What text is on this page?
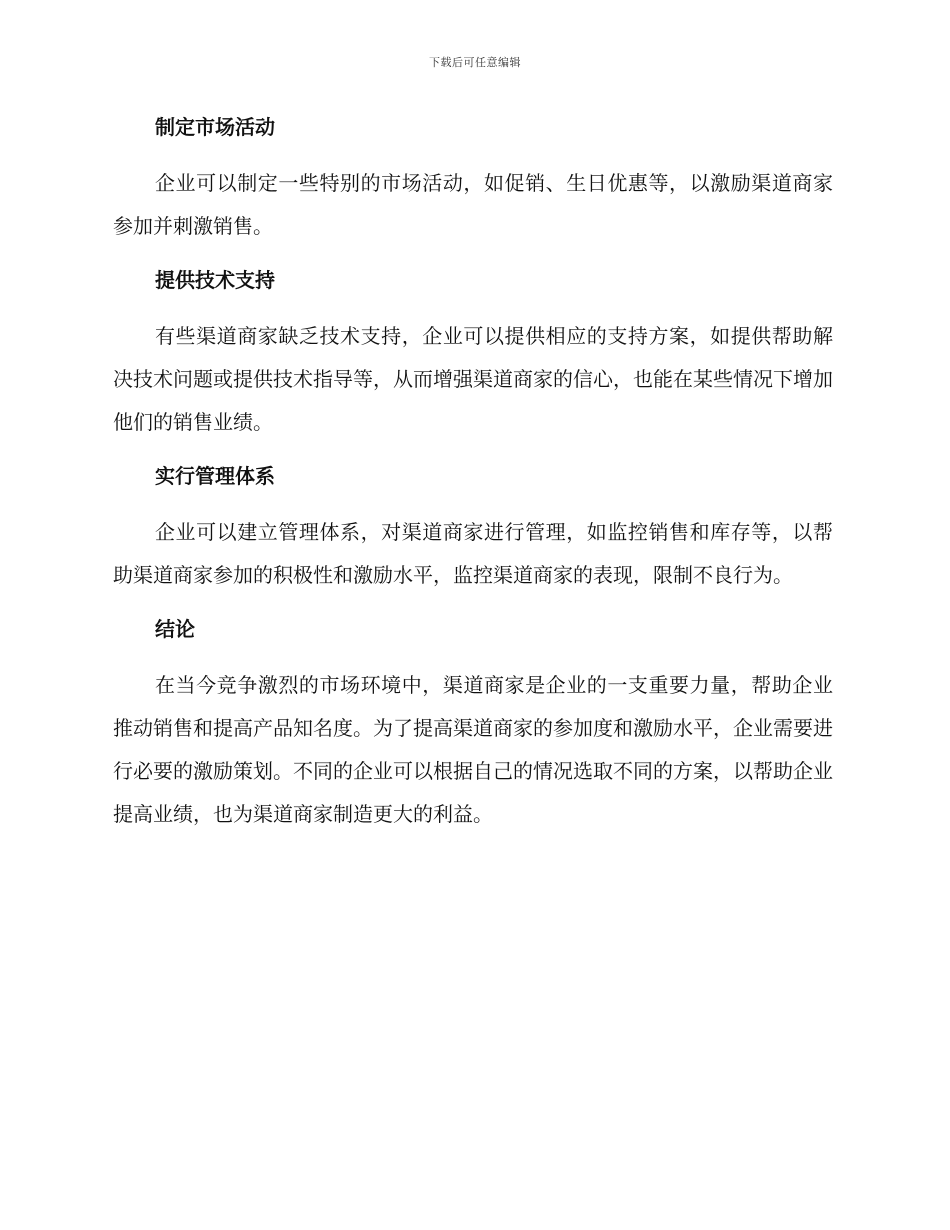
下载后可任意编辑
制定市场活动

企业可以制定一些特别的市场活动，如促销、生日优惠等，以激励渠道商家参加并刺激销售。

提供技术支持

有些渠道商家缺乏技术支持，企业可以提供相应的支持方案，如提供帮助解决技术问题或提供技术指导等，从而增强渠道商家的信心，也能在某些情况下增加他们的销售业绩。

实行管理体系

企业可以建立管理体系，对渠道商家进行管理，如监控销售和库存等，以帮助渠道商家参加的积极性和激励水平，监控渠道商家的表现，限制不良行为。

结论

在当今竞争激烈的市场环境中，渠道商家是企业的一支重要力量，帮助企业推动销售和提高产品知名度。为了提高渠道商家的参加度和激励水平，企业需要进行必要的激励策划。不同的企业可以根据自己的情况选取不同的方案，以帮助企业提高业绩，也为渠道商家制造更大的利益。
